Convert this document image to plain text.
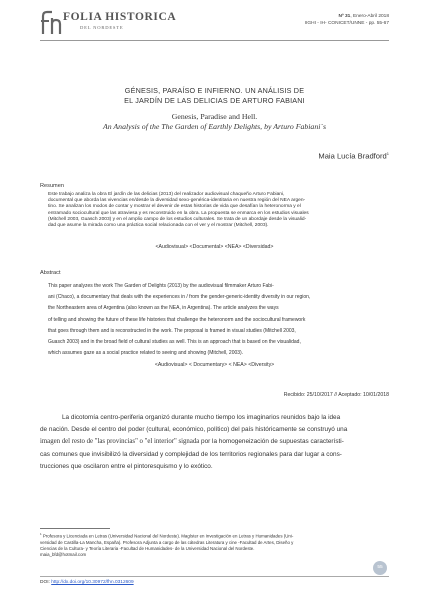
FOLIA HISTORICA
DEL NORDESTE
Nº 31, Enero-Abril 2018
IIGHI - IH- CONICET/UNNE - pp. 55-67
GÉNESIS, PARAÍSO E INFIERNO. UN ANÁLISIS DE
EL JARDÍN DE LAS DELICIAS DE ARTURO FABIANI
Genesis, Paradise and Hell.
An Analysis of the The Garden of Earthly Delights, by Arturo Fabiani´s
Maia Lucía Bradford$^1$
Resumen
Este trabajo analiza la obra El jardín de las delicias (2013) del realizador audiovisual chaqueño Arturo Fabiani,
documental que aborda las vivencias en/desde la diversidad sexo-genérica-identitaria en nuestra región del NEA argen-
tino. Se analizan los modos de contar y mostrar el devenir de estas historias de vida que desafían la heteronorma y el
entramado sociocultural que las atraviesa y es reconstruido en la obra. La propuesta se enmarca en los estudios visuales
(Mitchell 2003, Guasch 2003) y en el amplio campo de los estudios culturales. Se trata de un abordaje desde la visualid-
dad que asume la mirada como una práctica social relacionada con el ver y el mostrar (Mitchell, 2003).
<Audiovisual> <Documental> <NEA> <Diversidad>
Abstract
This paper analyzes the work The Garden of Delights (2013) by the audiovisual filmmaker Arturo Fabi-
ani (Chaco), a documentary that deals with the experiences in / from the gender-generic-identity diversity in our region,
the Northeastern area of Argentina (also known as the NEA, in Argentina). The article analyzes the ways
of telling and showing the future of these life histories that challenge the heteronorm and the sociocultural framework
that goes through them and is reconstructed in the work. The proposal is framed in visual studies (Mitchell 2003,
Guasch 2003) and in the broad field of cultural studies as well. This is an approach that is based on the visualidad,
which assumes gaze as a social practice related to seeing and showing (Mitchell, 2003).
<Audiovisual> < Documentary> < NEA> <Diversity>
Recibido: 25/10/2017 // Aceptado: 10/01/2018
La dicotomía centro-periferia organizó durante mucho tiempo los imaginarios reunidos bajo la idea
de nación. Desde el centro del poder (cultural, económico, político) del país históricamente se construyó una
imagen del resto de "las provincias" o "el interior" signada por la homogeneización de supuestas característi-
cas comunes que invisibilizó la diversidad y complejidad de los territorios regionales para dar lugar a cons-
trucciones que oscilaron entre el pintoresquismo y lo exótico.
$^1$ Profesora y Licenciada en Letras (Universidad Nacional del Nordeste). Magíster en Investigación en Letras y Humanidades (Uni-
versidad de Castilla-La Mancha, España). Profesora Adjunta a cargo de las cátedras Literatura y cine -Facultad de Artes, Diseño y
Ciencias de la Cultura- y Teoría Literaria -Facultad de Humanidades- de la Universidad Nacional del Nordeste.
maia_bfd@hotmail.com
55
DOI: http://dx.doi.org/10.30972/fhn.0312609
